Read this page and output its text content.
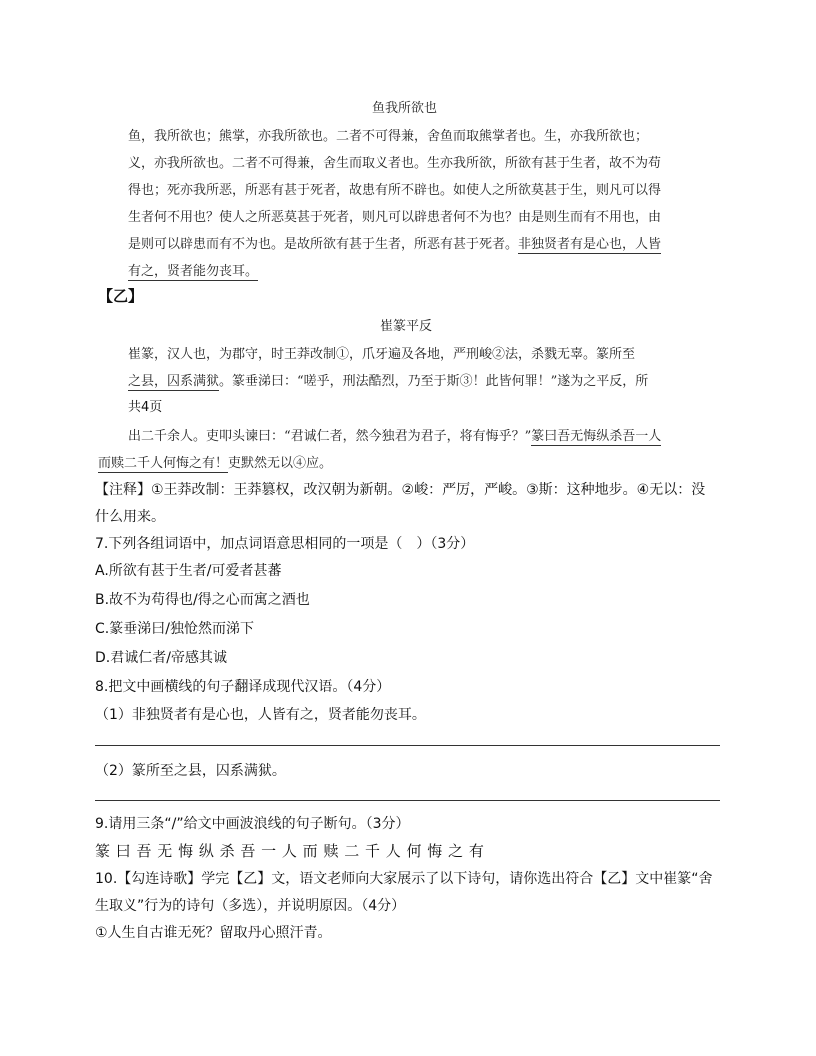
鱼我所欲也
鱼，我所欲也；熊掌，亦我所欲也。二者不可得兼，舍鱼而取熊掌者也。生，亦我所欲也；
义，亦我所欲也。二者不可得兼，舍生而取义者也。生亦我所欲，所欲有甚于生者，故不为苟
得也；死亦我所恶，所恶有甚于死者，故患有所不辟也。如使人之所欲莫甚于生，则凡可以得
生者何不用也？使人之所恶莫甚于死者，则凡可以辟患者何不为也？由是则生而有不用也，由
是则可以辟患而有不为也。是故所欲有甚于生者，所恶有甚于死者。非独贤者有是心也，人皆
有之，贤者能勿丧耳。
【乙】
崔篆平反
崔篆，汉人也，为郡守，时王莽改制①，爪牙遍及各地，严刑峻②法，杀戮无辜。篆所至
之县，囚系满狱。篆垂涕曰：“嗟乎，刑法酷烈，乃至于斯③！此皆何罪！”遂为之平反，所
共4页
出二千余人。吏叩头谏曰：“君诚仁者，然今独君为君子，将有悔乎？”篆曰吾无悔纵杀吾一人
而赎二千人何悔之有！吏默然无以④应。
【注释】①王莽改制：王莽篡权，改汉朝为新朝。②峻：严厉，严峻。③斯：这种地步。④无以：没
什么用来。
7.下列各组词语中，加点词语意思相同的一项是（　）（3分）
A.所欲有甚于生者/可爱者甚蕃
B.故不为苟得也/得之心而寓之酒也
C.篆垂涕曰/独怆然而涕下
D.君诚仁者/帝感其诚
8.把文中画横线的句子翻译成现代汉语。（4分）
（1）非独贤者有是心也，人皆有之，贤者能勿丧耳。
（2）篆所至之县，囚系满狱。
9.请用三条“/”给文中画波浪线的句子断句。（3分）
篆 曰 吾 无 悔 纵 杀 吾 一 人 而 赎 二 千 人 何 悔 之 有
10.【勾连诗歌】学完【乙】文，语文老师向大家展示了以下诗句，请你选出符合【乙】文中崔篆“舍
生取义”行为的诗句（多选），并说明原因。（4分）
①人生自古谁无死？留取丹心照汗青。
